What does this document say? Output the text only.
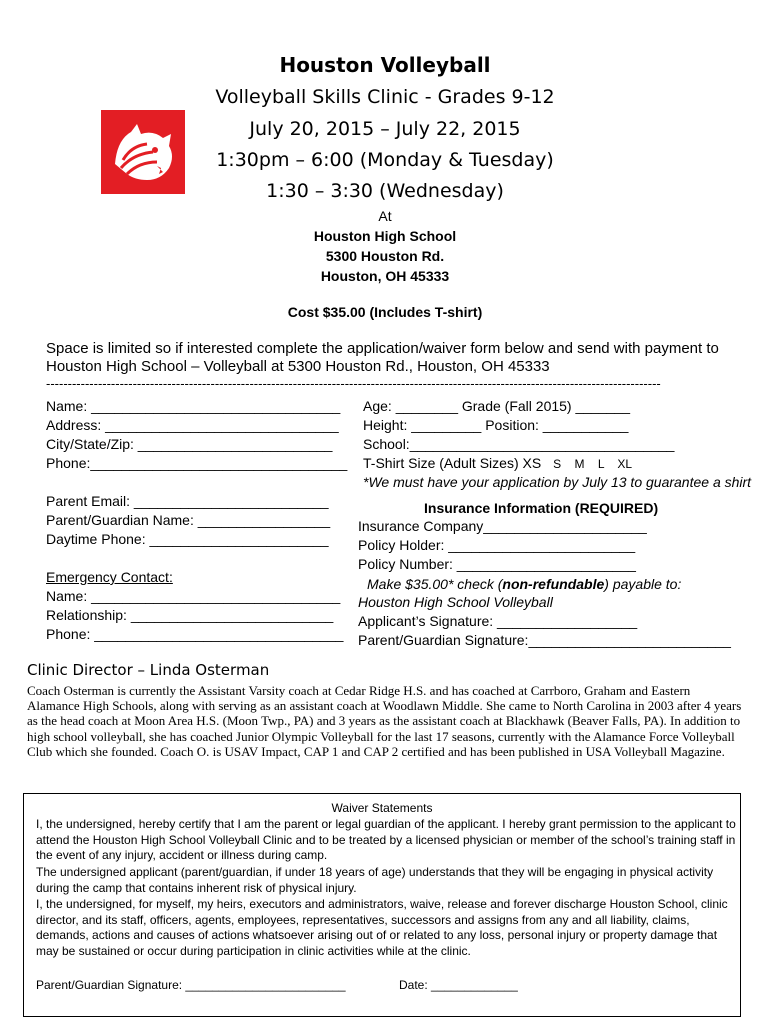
Houston Volleyball
Volleyball Skills Clinic - Grades 9-12
July 20, 2015 – July 22, 2015
1:30pm – 6:00 (Monday & Tuesday)
1:30 – 3:30 (Wednesday)
At
Houston High School
5300 Houston Rd.
Houston, OH 45333
Cost $35.00 (Includes T-shirt)
Space is limited so if interested complete the application/waiver form below and send with payment to
Houston High School – Volleyball at 5300 Houston Rd., Houston, OH 45333
----------------------------------------------------------------------------------------------------------------------------------------------
Name: ________________________________
Address: ______________________________
City/State/Zip: _________________________
Phone:_________________________________
Parent Email: _________________________
Parent/Guardian Name: _________________
Daytime Phone: _______________________
Emergency Contact:
Name: ________________________________
Relationship: __________________________
Phone: ________________________________
Age: ________ Grade (Fall 2015) _______
Height: _________ Position: ___________
School:__________________________________
T-Shirt Size (Adult Sizes) XS S    M    L    XL
*We must have your application by July 13 to guarantee a shirt
Insurance Information (REQUIRED)
Insurance Company_____________________
Policy Holder: ________________________
Policy Number: _______________________
Make $35.00* check (non-refundable) payable to:
Houston High School Volleyball
Applicant’s Signature: __________________
Parent/Guardian Signature:__________________________
Clinic Director – Linda Osterman
Coach Osterman is currently the Assistant Varsity coach at Cedar Ridge H.S. and has coached at Carrboro, Graham and Eastern Alamance High Schools, along with serving as an assistant coach at Woodlawn Middle. She came to North Carolina in 2003 after 4 years as the head coach at Moon Area H.S. (Moon Twp., PA) and 3 years as the assistant coach at Blackhawk (Beaver Falls, PA). In addition to high school volleyball, she has coached Junior Olympic Volleyball for the last 17 seasons, currently with the Alamance Force Volleyball Club which she founded. Coach O. is USAV Impact, CAP 1 and CAP 2 certified and has been published in USA Volleyball Magazine.
Waiver Statements
I, the undersigned, hereby certify that I am the parent or legal guardian of the applicant. I hereby grant permission to the applicant to attend the Houston High School Volleyball Clinic and to be treated by a licensed physician or member of the school’s training staff in the event of any injury, accident or illness during camp.
The undersigned applicant (parent/guardian, if under 18 years of age) understands that they will be engaging in physical activity during the camp that contains inherent risk of physical injury.
I, the undersigned, for myself, my heirs, executors and administrators, waive, release and forever discharge Houston School, clinic director, and its staff, officers, agents, employees, representatives, successors and assigns from any and all liability, claims, demands, actions and causes of actions whatsoever arising out of or related to any loss, personal injury or property damage that may be sustained or occur during participation in clinic activities while at the clinic.
Parent/Guardian Signature: ________________________	Date: _____________
